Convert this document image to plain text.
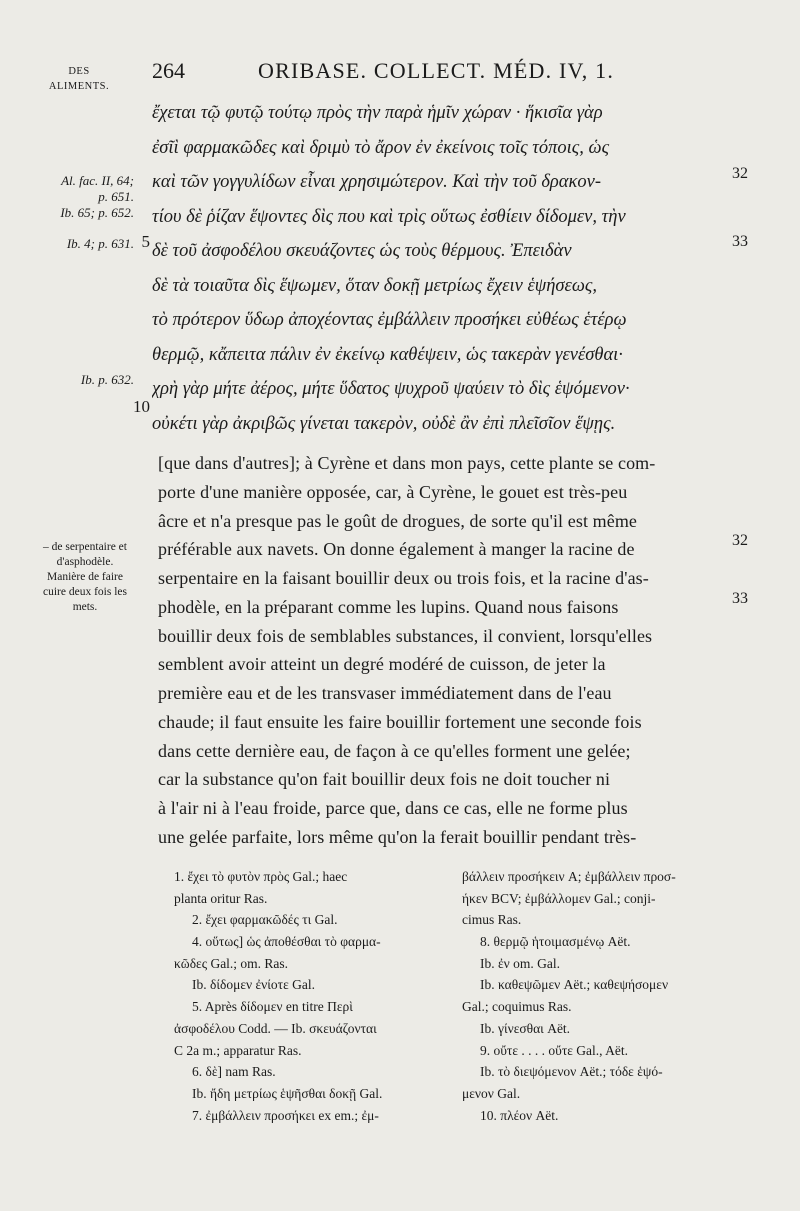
DES ALIMENTS.
264	ORIBASE. COLLECT. MÉD. IV, 1.
Al. fac. II, 64;
p. 651.
Ib. 65; p. 652.
Ib. 4; p. 631.
Ib. p. 632.
5
10
32
33
32
33
ἔχεται τῷ φυτῷ τούτῳ πρὸς τὴν παρὰ ἡμῖν χώραν · ἥκισῖα γὰρ
ἐσῖὶ φαρμακῶδες καὶ δριμὺ τὸ ἄρον ἐν ἐκείνοις τοῖς τόποις, ὡς
καὶ τῶν γογγυλίδων εἶναι χρησιμώτερον. Καὶ τὴν τοῦ δρακον-
τίου δὲ ῥίζαν ἕψοντες δὶς πoυ καὶ τρὶς οὕτως ἐσθίειν δίδομεν, τὴν
δὲ τοῦ ἀσφοδέλου σκευάζοντες ὡς τοὺς θέρμους. Ἐπειδὰν
δὲ τὰ τοιαῦτα δὶς ἕψωμεν, ὅταν δοκῇ μετρίως ἔχειν ἑψήσεως,
τὸ πρότερον ὕδωρ ἀποχέοντας ἐμβάλλειν προσήκει εὐθέως ἑτέρῳ
θερμῷ, κἄπειτα πάλιν ἐν ἐκείνῳ καθέψειν, ὡς τακερὰν γενέσθαι·
χρὴ γὰρ μήτε ἀέρος, μήτε ὕδατος ψυχροῦ ψαύειν τὸ δὶς ἑψόμενον·
οὐκέτι γὰρ ἀκριβῶς γίνεται τακερὸν, οὐδὲ ἂν ἐπὶ πλεῖσῖον ἕψῃς.
– de serpentaire et d'asphodèle. Manière de faire cuire deux fois les mets.
[que dans d'autres]; à Cyrène et dans mon pays, cette plante se com-
porte d'une manière opposée, car, à Cyrène, le gouet est très-peu
âcre et n'a presque pas le goût de drogues, de sorte qu'il est même
préférable aux navets. On donne également à manger la racine de
serpentaire en la faisant bouillir deux ou trois fois, et la racine d'as-
phodèle, en la préparant comme les lupins. Quand nous faisons
bouillir deux fois de semblables substances, il convient, lorsqu'elles
semblent avoir atteint un degré modéré de cuisson, de jeter la
première eau et de les transvaser immédiatement dans de l'eau
chaude; il faut ensuite les faire bouillir fortement une seconde fois
dans cette dernière eau, de façon à ce qu'elles forment une gelée;
car la substance qu'on fait bouillir deux fois ne doit toucher ni
à l'air ni à l'eau froide, parce que, dans ce cas, elle ne forme plus
une gelée parfaite, lors même qu'on la ferait bouillir pendant très-
1. ἔχει τὸ φυτὸν πρὸς Gal.; haec
planta oritur Ras.
2. ἔχει φαρμακῶδές τι Gal.
4. οὕτως] ὡς ἀποθέσθαι τὸ φαρμα-
κῶδες Gal.; om. Ras.
Ib. δίδομεν ἐνίοτε Gal.
5. Après δίδομεν en titre Περὶ
ἀσφοδέλου Codd. — Ib. σκευάζονται
C 2a m.; apparatur Ras.
6. δὲ] nam Ras.
Ib. ἤδη μετρίως ἑψῆσθαι δοκῇ Gal.
7. ἐμβάλλειν προσήκει ex em.; ἐμ-
βάλλειν προσήκειν A; ἐμβάλλειν προσ-
ήκεν BCV; ἐμβάλλομεν Gal.; conji-
cimus Ras.
8. θερμῷ ἡτοιμασμένῳ Aët.
Ib. ἐν om. Gal.
Ib. καθεψῶμεν Aët.; καθεψήσομεν
Gal.; coquimus Ras.
Ib. γίνεσθαι Aët.
9. οὔτε . . . . οὔτε Gal., Aët.
Ib. τὸ διεψόμενον Aët.; τόδε ἑψό-
μενον Gal.
10. πλέον Aët.
